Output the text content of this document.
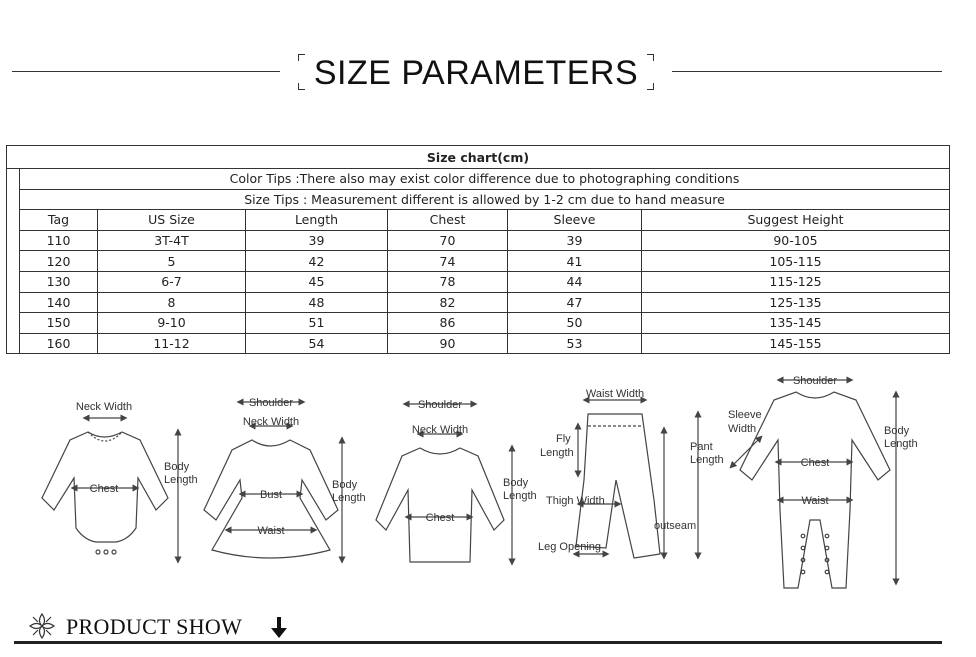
SIZE PARAMETERS
Size chart(cm)						
	Color Tips :There also may exist color difference due to photographing conditions					
	Size Tips : Measurement different is allowed by 1-2 cm due to hand measure					
	Tag	US Size	Length	Chest	Sleeve	Suggest Height
	110	3T-4T	39	70	39	90-105
	120	5	42	74	41	105-115
	130	6-7	45	78	44	115-125
	140	8	48	82	47	125-135
	150	9-10	51	86	50	135-145
	160	11-12	54	90	53	145-155
Neck Width
Chest
Body
Length
Shoulder
Neck Width
Bust
Waist
Body
Length
Shoulder
Neck Width
Chest
Body
Length
Waist Width
Fly
Length	Pant
Length
Thigh Width
outseam
Leg Opening
Shoulder
Sleeve
Width
Chest
Waist
Body
Length
PRODUCT SHOW
